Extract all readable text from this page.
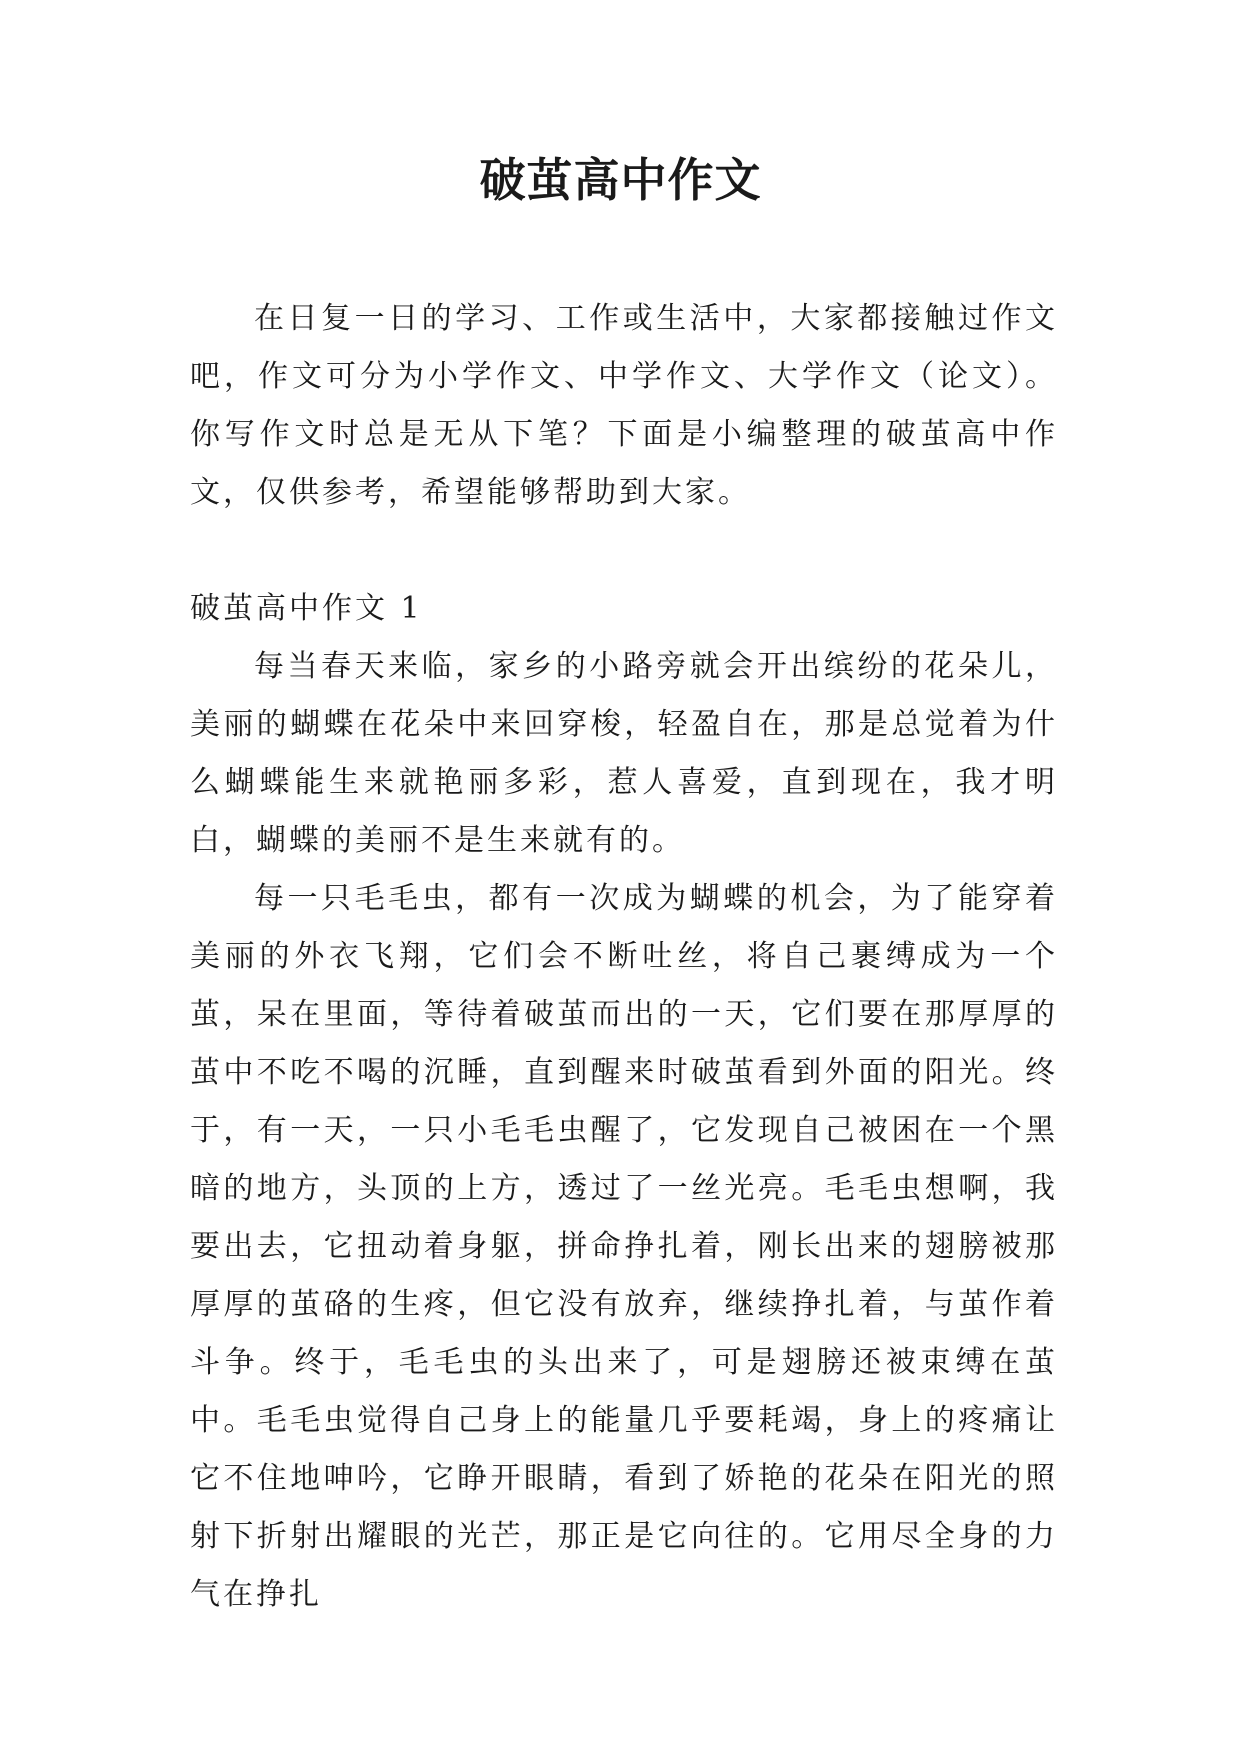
破茧高中作文

在日复一日的学习、工作或生活中，大家都接触过作文吧，作文可分为小学作文、中学作文、大学作文（论文）。你写作文时总是无从下笔？下面是小编整理的破茧高中作文，仅供参考，希望能够帮助到大家。

破茧高中作文 1

每当春天来临，家乡的小路旁就会开出缤纷的花朵儿，美丽的蝴蝶在花朵中来回穿梭，轻盈自在，那是总觉着为什么蝴蝶能生来就艳丽多彩，惹人喜爱，直到现在，我才明白，蝴蝶的美丽不是生来就有的。

每一只毛毛虫，都有一次成为蝴蝶的机会，为了能穿着美丽的外衣飞翔，它们会不断吐丝，将自己裹缚成为一个茧，呆在里面，等待着破茧而出的一天，它们要在那厚厚的茧中不吃不喝的沉睡，直到醒来时破茧看到外面的阳光。终于，有一天，一只小毛毛虫醒了，它发现自己被困在一个黑暗的地方，头顶的上方，透过了一丝光亮。毛毛虫想啊，我要出去，它扭动着身躯，拼命挣扎着，刚长出来的翅膀被那厚厚的茧硌的生疼，但它没有放弃，继续挣扎着，与茧作着斗争。终于，毛毛虫的头出来了，可是翅膀还被束缚在茧中。毛毛虫觉得自己身上的能量几乎要耗竭，身上的疼痛让它不住地呻吟，它睁开眼睛，看到了娇艳的花朵在阳光的照射下折射出耀眼的光芒，那正是它向往的。它用尽全身的力气在挣扎
